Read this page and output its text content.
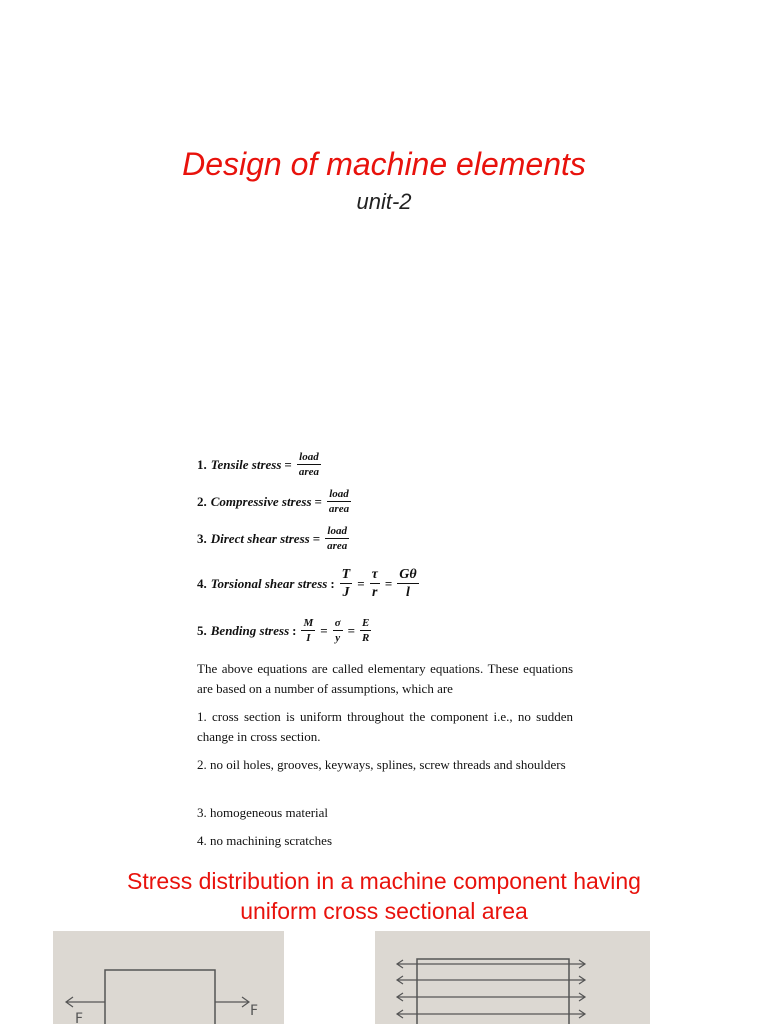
Design of machine elements
unit-2
1. Tensile stress = $\frac{\text{load}}{\text{area}}$
2. Compressive stress = $\frac{\text{load}}{\text{area}}$
3. Direct shear stress = $\frac{\text{load}}{\text{area}}$
4. Torsional shear stress : $\frac{T}{J} = \frac{\tau}{r} = \frac{G\theta}{l}$
5. Bending stress : $\frac{M}{I} = \frac{\sigma}{y} = \frac{E}{R}$
The above equations are called elementary equations. These equations are based on a number of assumptions, which are
1. cross section is uniform throughout the component i.e., no sudden change in cross section.
2. no oil holes, grooves, keyways, splines, screw threads and shoulders
3. homogeneous material
4. no machining scratches
Stress distribution in a machine component having
uniform cross sectional area
F	F
